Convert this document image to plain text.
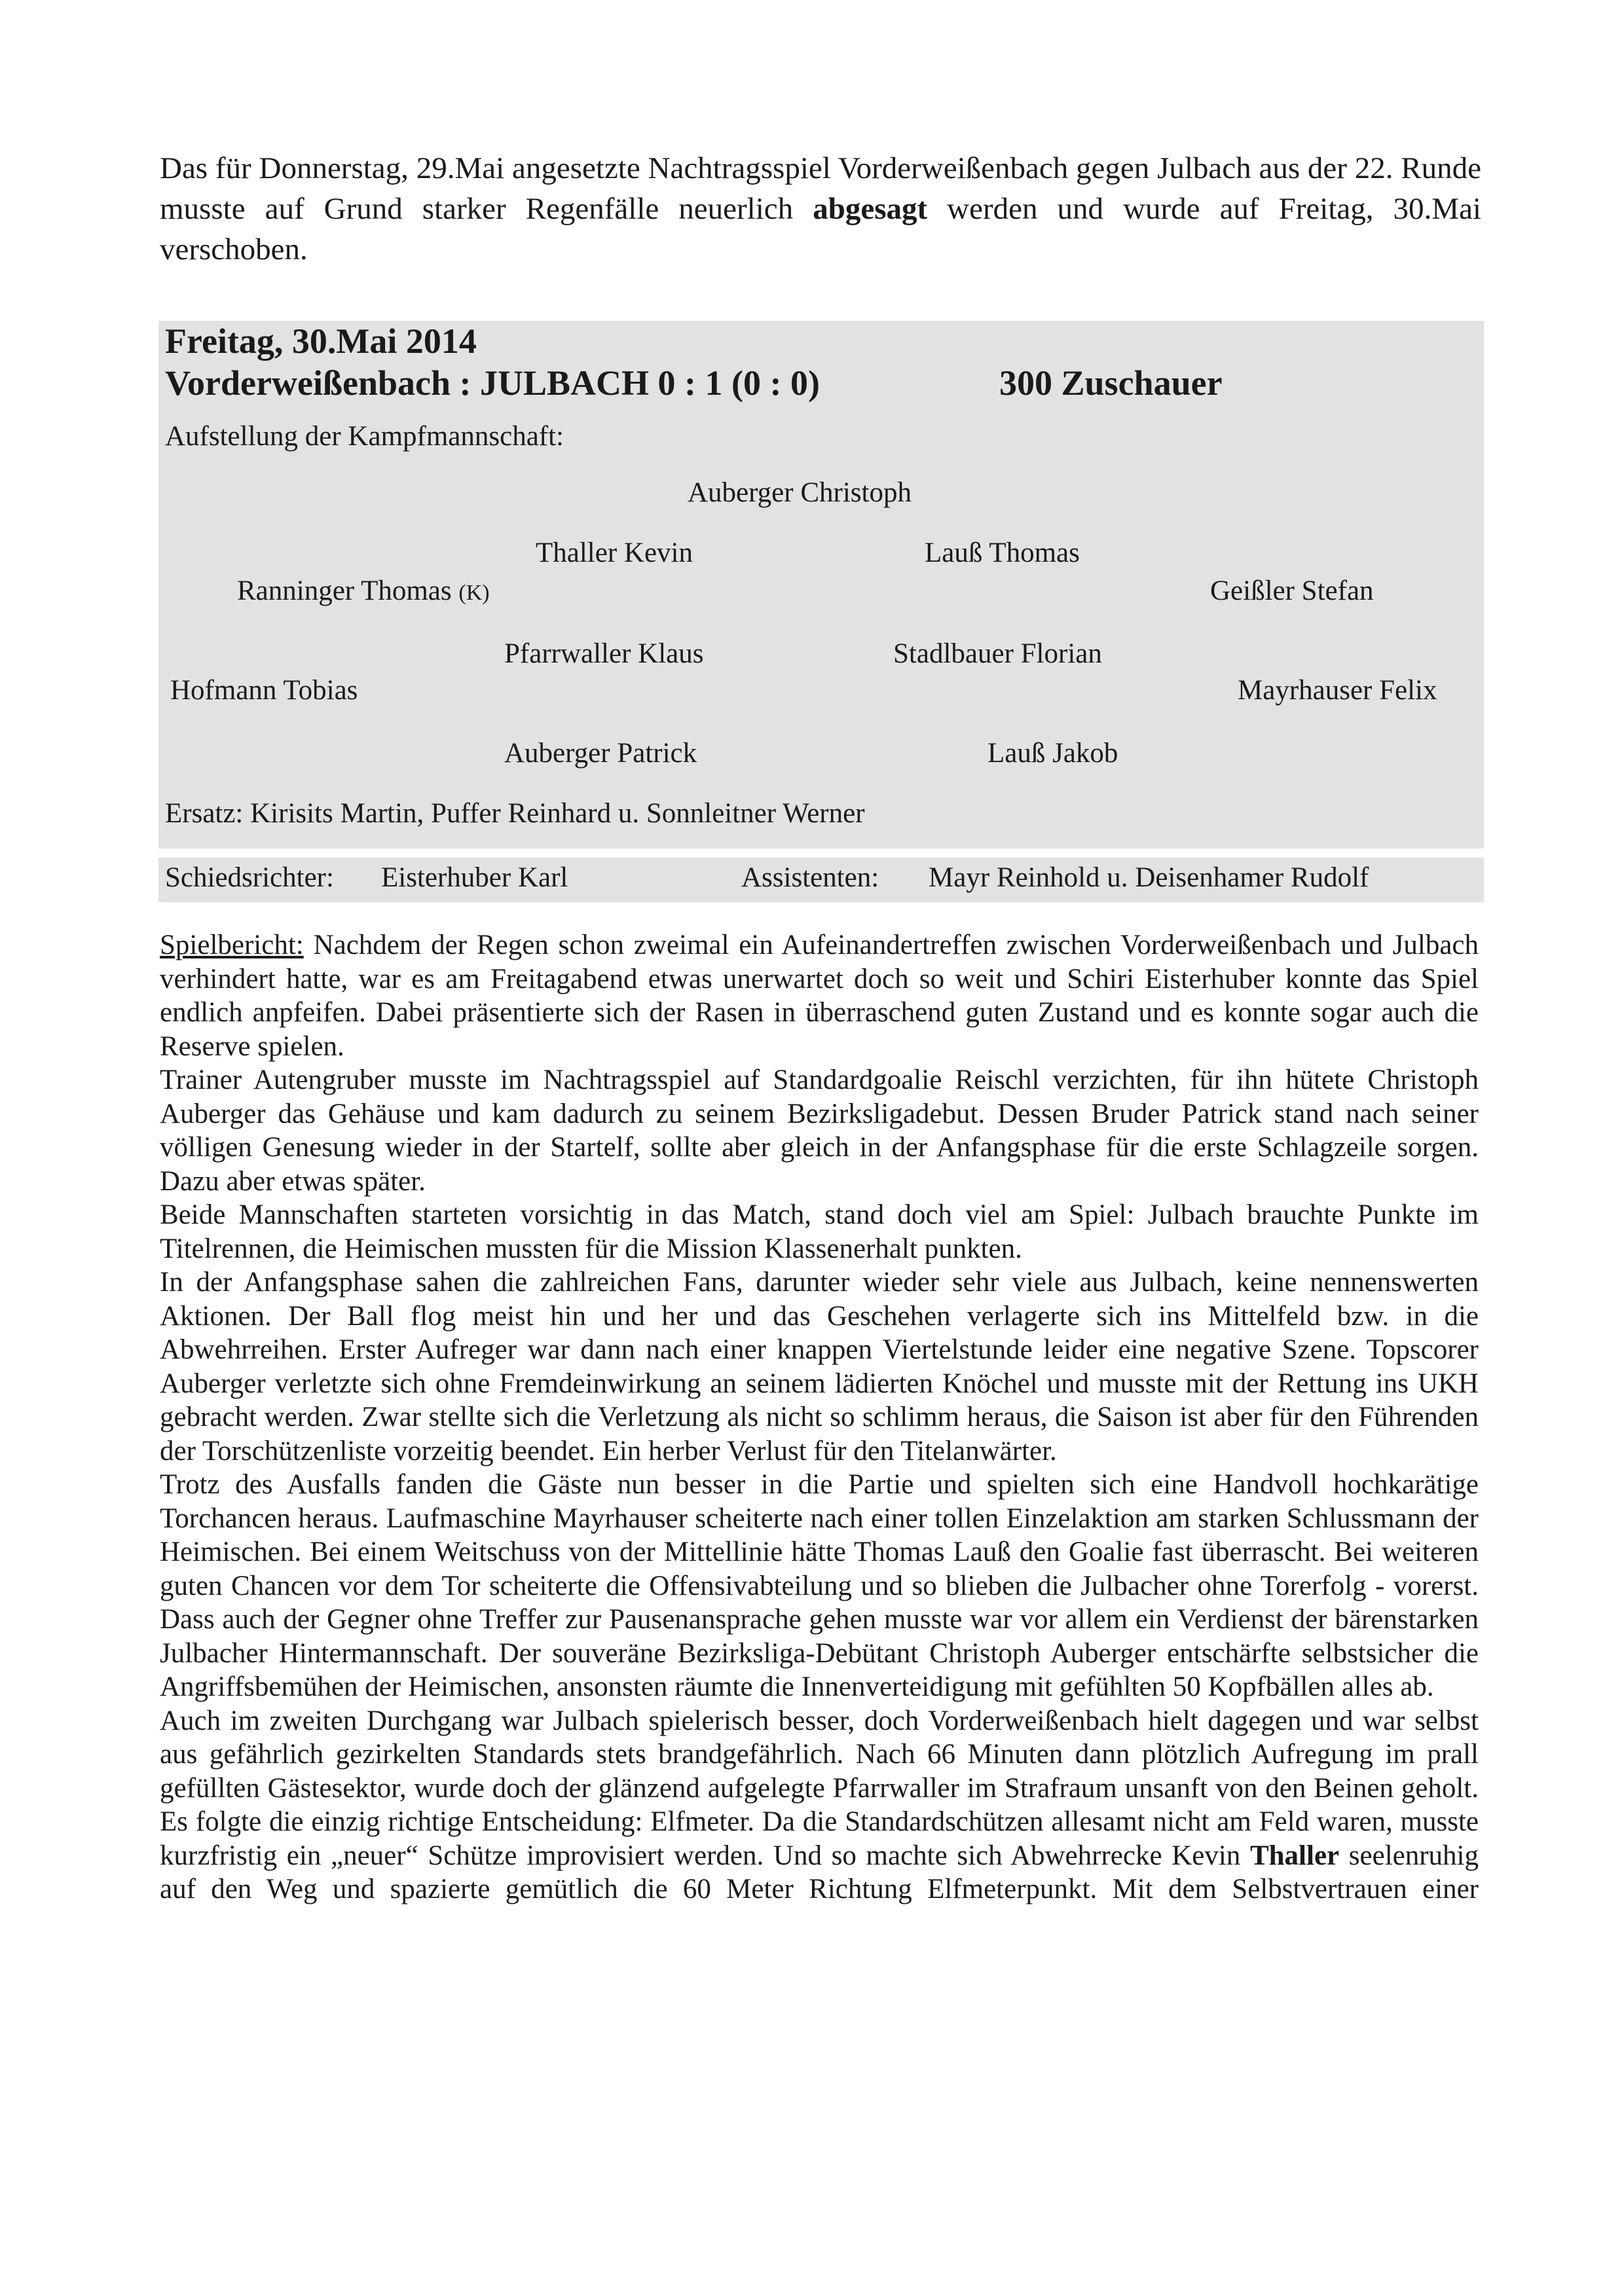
Das für Donnerstag, 29.Mai angesetzte Nachtragsspiel Vorderweißenbach gegen Julbach aus der 22. Runde musste auf Grund starker Regenfälle neuerlich abgesagt werden und wurde auf Freitag, 30.Mai verschoben.

Freitag, 30.Mai 2014
Vorderweißenbach : JULBACH 0 : 1 (0 : 0)	300 Zuschauer
Aufstellung der Kampfmannschaft:
Auberger Christoph
Thaller Kevin	Lauß Thomas
Ranninger Thomas (K)	Geißler Stefan
Pfarrwaller Klaus	Stadlbauer Florian
Hofmann Tobias	Mayrhauser Felix
Auberger Patrick	Lauß Jakob
Ersatz: Kirisits Martin, Puffer Reinhard u. Sonnleitner Werner
Schiedsrichter: Eisterhuber Karl	Assistenten: Mayr Reinhold u. Deisenhamer Rudolf

Spielbericht: Nachdem der Regen schon zweimal ein Aufeinandertreffen zwischen Vorderweißenbach und Julbach verhindert hatte, war es am Freitagabend etwas unerwartet doch so weit und Schiri Eisterhuber konnte das Spiel endlich anpfeifen. Dabei präsentierte sich der Rasen in überraschend guten Zustand und es konnte sogar auch die Reserve spielen.

Trainer Autengruber musste im Nachtragsspiel auf Standardgoalie Reischl verzichten, für ihn hütete Christoph Auberger das Gehäuse und kam dadurch zu seinem Bezirksligadebut. Dessen Bruder Patrick stand nach seiner völligen Genesung wieder in der Startelf, sollte aber gleich in der Anfangsphase für die erste Schlagzeile sorgen. Dazu aber etwas später.

Beide Mannschaften starteten vorsichtig in das Match, stand doch viel am Spiel: Julbach brauchte Punkte im Titelrennen, die Heimischen mussten für die Mission Klassenerhalt punkten.

In der Anfangsphase sahen die zahlreichen Fans, darunter wieder sehr viele aus Julbach, keine nennenswerten Aktionen. Der Ball flog meist hin und her und das Geschehen verlagerte sich ins Mittelfeld bzw. in die Abwehrreihen. Erster Aufreger war dann nach einer knappen Viertelstunde leider eine negative Szene. Topscorer Auberger verletzte sich ohne Fremdeinwirkung an seinem lädierten Knöchel und musste mit der Rettung ins UKH gebracht werden. Zwar stellte sich die Verletzung als nicht so schlimm heraus, die Saison ist aber für den Führenden der Torschützenliste vorzeitig beendet. Ein herber Verlust für den Titelanwärter.

Trotz des Ausfalls fanden die Gäste nun besser in die Partie und spielten sich eine Handvoll hochkarätige Torchancen heraus. Laufmaschine Mayrhauser scheiterte nach einer tollen Einzelaktion am starken Schlussmann der Heimischen. Bei einem Weitschuss von der Mittellinie hätte Thomas Lauß den Goalie fast überrascht. Bei weiteren guten Chancen vor dem Tor scheiterte die Offensivabteilung und so blieben die Julbacher ohne Torerfolg - vorerst. Dass auch der Gegner ohne Treffer zur Pausenansprache gehen musste war vor allem ein Verdienst der bärenstarken Julbacher Hintermannschaft. Der souveräne Bezirksliga-Debütant Christoph Auberger entschärfte selbstsicher die Angriffsbemühen der Heimischen, ansonsten räumte die Innenverteidigung mit gefühlten 50 Kopfbällen alles ab.

Auch im zweiten Durchgang war Julbach spielerisch besser, doch Vorderweißenbach hielt dagegen und war selbst aus gefährlich gezirkelten Standards stets brandgefährlich. Nach 66 Minuten dann plötzlich Aufregung im prall gefüllten Gästesektor, wurde doch der glänzend aufgelegte Pfarrwaller im Strafraum unsanft von den Beinen geholt. Es folgte die einzig richtige Entscheidung: Elfmeter. Da die Standardschützen allesamt nicht am Feld waren, musste kurzfristig ein „neuer“ Schütze improvisiert werden. Und so machte sich Abwehrrecke Kevin Thaller seelenruhig auf den Weg und spazierte gemütlich die 60 Meter Richtung Elfmeterpunkt. Mit dem Selbstvertrauen einer
